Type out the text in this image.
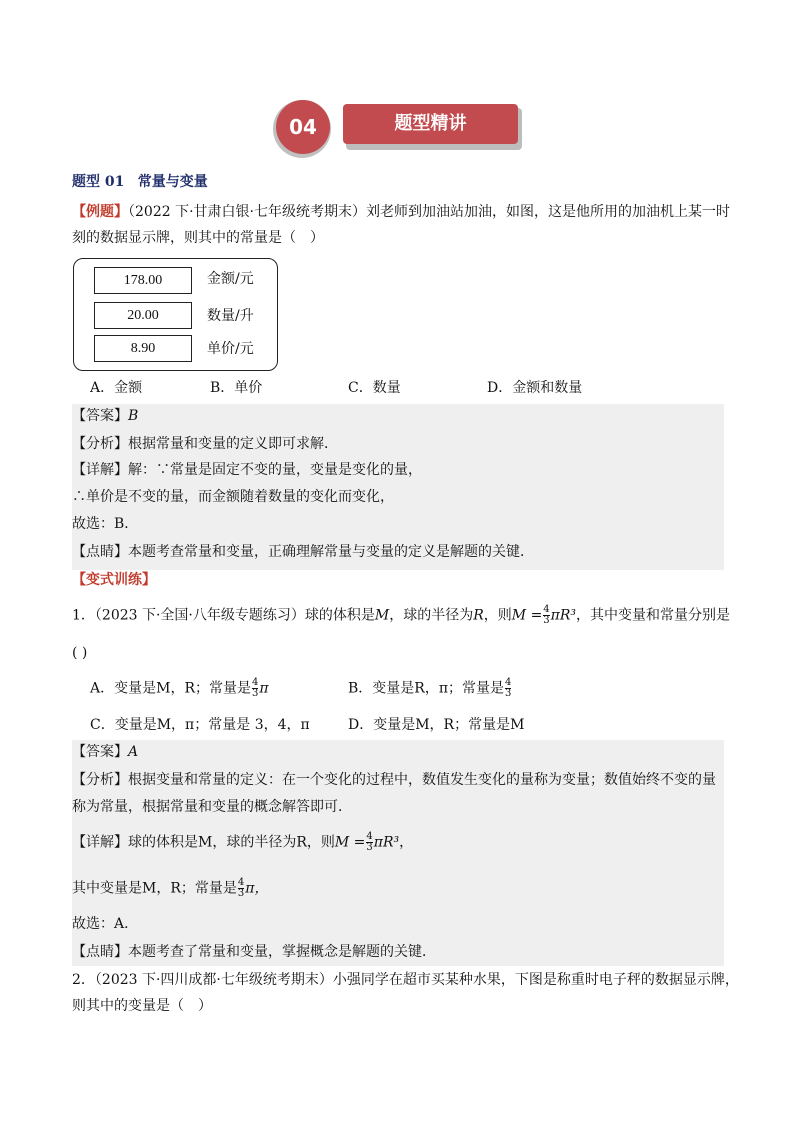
04	题型精讲
题型 01 常量与变量
【例题】（2022 下·甘肃白银·七年级统考期末）刘老师到加油站加油，如图，这是他所用的加油机上某一时
刻的数据显示牌，则其中的常量是（　）
178.00	金额/元
20.00	数量/升
8.90	单价/元
A．金额	B．单价	C．数量	D．金额和数量
【答案】B
【分析】根据常量和变量的定义即可求解．
【详解】解：∵常量是固定不变的量，变量是变化的量，
∴单价是不变的量，而金额随着数量的变化而变化，
故选：B．
【点睛】本题考查常量和变量，正确理解常量与变量的定义是解题的关键．
【变式训练】
1．（2023 下·全国·八年级专题练习）球的体积是M，球的半径为R，则$M = \frac{4}{3} \pi R^3$，其中变量和常量分别是
( )
A．变量是M，R；常量是 $\frac{4}{3}$ π	B．变量是R，π；常量是 $\frac{4}{3}$
C．变量是M，π；常量是 3，4，π	D．变量是M，R；常量是M
【答案】A
【分析】根据变量和常量的定义：在一个变化的过程中，数值发生变化的量称为变量；数值始终不变的量
称为常量，根据常量和变量的概念解答即可．
【详解】球的体积是M，球的半径为R，则$M = \frac{4}{3} \pi R^3$，
其中变量是M，R；常量是 $\frac{4}{3}$ π，
故选：A．
【点睛】本题考查了常量和变量，掌握概念是解题的关键．
2．（2023 下·四川成都·七年级统考期末）小强同学在超市买某种水果，下图是称重时电子秤的数据显示牌，
则其中的变量是（　）
